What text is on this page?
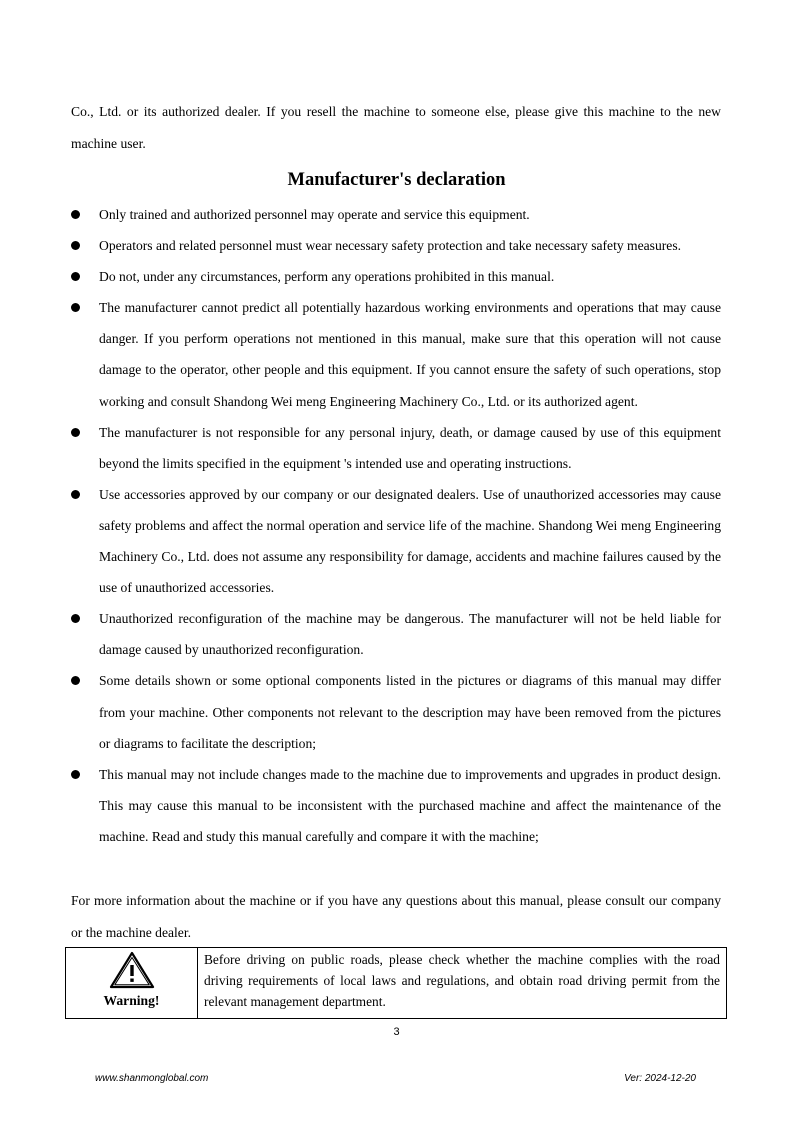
Co., Ltd. or its authorized dealer. If you resell the machine to someone else, please give this machine to the new machine user.
Manufacturer's declaration
Only trained and authorized personnel may operate and service this equipment.
Operators and related personnel must wear necessary safety protection and take necessary safety measures.
Do not, under any circumstances, perform any operations prohibited in this manual.
The manufacturer cannot predict all potentially hazardous working environments and operations that may cause danger. If you perform operations not mentioned in this manual, make sure that this operation will not cause damage to the operator, other people and this equipment. If you cannot ensure the safety of such operations, stop working and consult Shandong Wei meng Engineering Machinery Co., Ltd. or its authorized agent.
The manufacturer is not responsible for any personal injury, death, or damage caused by use of this equipment beyond the limits specified in the equipment 's intended use and operating instructions.
Use accessories approved by our company or our designated dealers. Use of unauthorized accessories may cause safety problems and affect the normal operation and service life of the machine. Shandong Wei meng Engineering Machinery Co., Ltd. does not assume any responsibility for damage, accidents and machine failures caused by the use of unauthorized accessories.
Unauthorized reconfiguration of the machine may be dangerous. The manufacturer will not be held liable for damage caused by unauthorized reconfiguration.
Some details shown or some optional components listed in the pictures or diagrams of this manual may differ from your machine. Other components not relevant to the description may have been removed from the pictures or diagrams to facilitate the description;
This manual may not include changes made to the machine due to improvements and upgrades in product design. This may cause this manual to be inconsistent with the purchased machine and affect the maintenance of the machine. Read and study this manual carefully and compare it with the machine;
For more information about the machine or if you have any questions about this manual, please consult our company or the machine dealer.
Warning!
Before driving on public roads, please check whether the machine complies with the road driving requirements of local laws and regulations, and obtain road driving permit from the relevant management department.
3
www.shanmonglobal.com	Ver: 2024-12-20
